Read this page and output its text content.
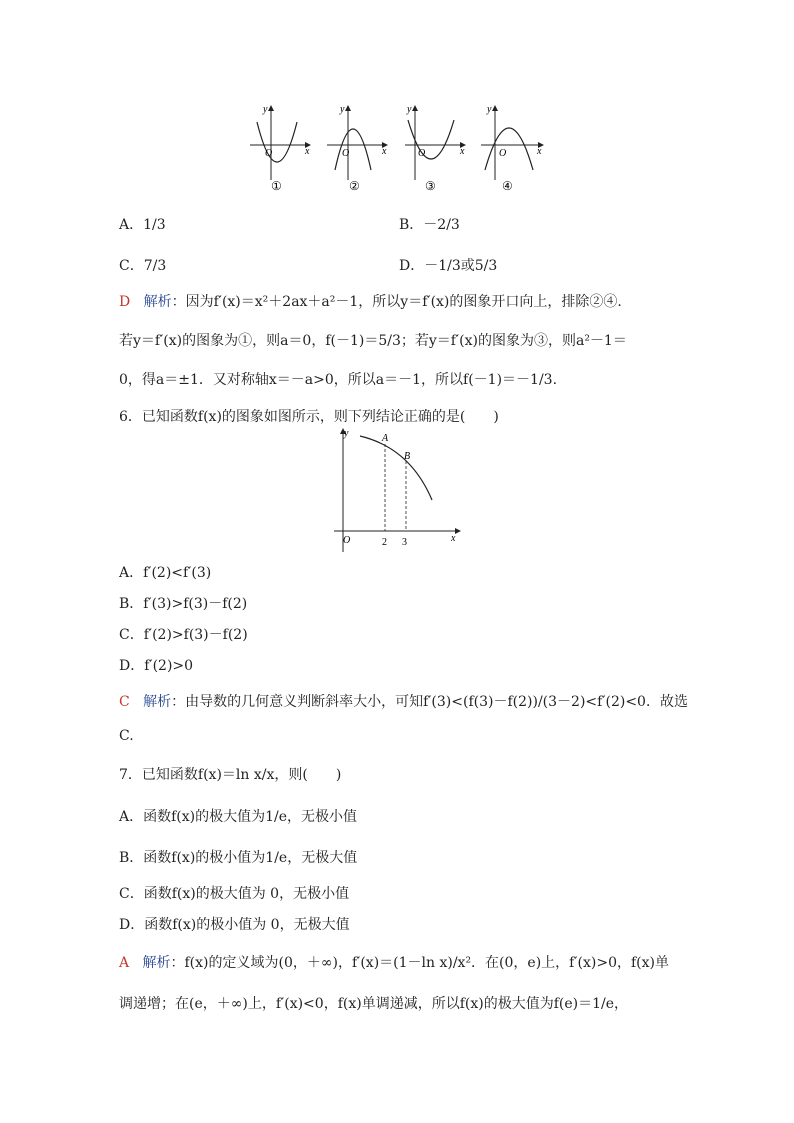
x
y
O
①
x
y
O
②
x
y
O
③
x
y
O
④
A．1/3	B．－2/3
C．7/3	D．－1/3或5/3
D 解析：因为f′(x)＝x²＋2ax＋a²－1，所以y＝f′(x)的图象开口向上，排除②④.
若y＝f′(x)的图象为①，则a＝0，f(－1)＝5/3；若y＝f′(x)的图象为③，则a²－1＝
0，得a＝±1．又对称轴x＝－a>0，所以a＝－1，所以f(－1)＝－1/3.
6．已知函数f(x)的图象如图所示，则下列结论正确的是(　　)
y
x
O
A
B
2 3
A．f′(2)<f′(3)
B．f′(3)>f(3)－f(2)
C．f′(2)>f(3)－f(2)
D．f′(2)>0
C 解析：由导数的几何意义判断斜率大小，可知f′(3)<(f(3)－f(2))/(3－2)<f′(2)<0．故选
C.
7．已知函数f(x)＝ln x/x，则(　　)
A．函数f(x)的极大值为1/e，无极小值
B．函数f(x)的极小值为1/e，无极大值
C．函数f(x)的极大值为 0，无极小值
D．函数f(x)的极小值为 0，无极大值
A 解析：f(x)的定义域为(0，＋∞)，f′(x)＝(1－ln x)/x²．在(0，e)上，f′(x)>0，f(x)单
调递增；在(e，＋∞)上，f′(x)<0，f(x)单调递减，所以f(x)的极大值为f(e)＝1/e，
